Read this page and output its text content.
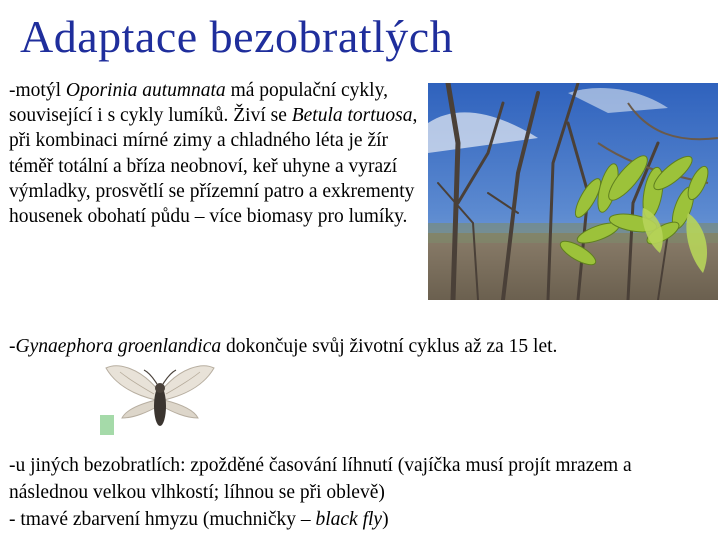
Adaptace bezobratlých
-motýl Oporinia autumnata má populační cykly, související i s cykly lumíků. Živí se Betula tortuosa, při kombinaci mírné zimy a chladného léta je žír téměř totální a bříza neobnoví, keř uhyne a vyrazí výmladky, prosvětlí se přízemní patro a exkrementy housenek obohatí půdu – více biomasy pro lumíky.
-Gynaephora groenlandica dokončuje svůj životní cyklus až za 15 let.
-u jiných bezobratlích: zpožděné časování líhnutí (vajíčka musí projít mrazem a následnou velkou vlhkostí; líhnou se při oblevě)
- tmavé zbarvení hmyzu (muchničky – black fly)
